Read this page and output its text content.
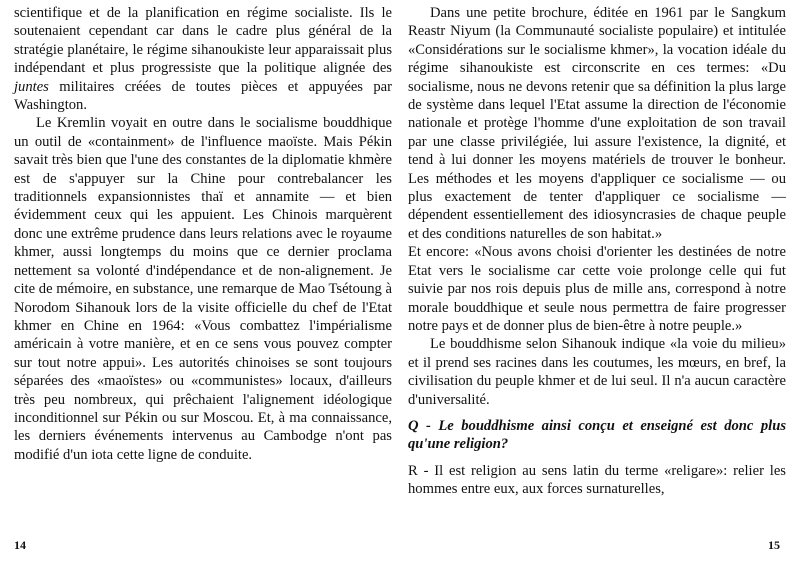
scientifique et de la planification en régime socialiste. Ils le soutenaient cependant car dans le cadre plus général de la stratégie planétaire, le régime sihanoukiste leur apparaissait plus indépendant et plus progressiste que la politique alignée des juntes militaires créées de toutes pièces et appuyées par Washington.

Le Kremlin voyait en outre dans le socialisme bouddhique un outil de «containment» de l'influence maoïste. Mais Pékin savait très bien que l'une des constantes de la diplomatie khmère est de s'appuyer sur la Chine pour contrebalancer les traditionnels expansionnistes thaï et annamite — et bien évidemment ceux qui les appuient. Les Chinois marquèrent donc une extrême prudence dans leurs relations avec le royaume khmer, aussi longtemps du moins que ce dernier proclama nettement sa volonté d'indépendance et de non-alignement. Je cite de mémoire, en substance, une remarque de Mao Tsétoung à Norodom Sihanouk lors de la visite officielle du chef de l'Etat khmer en Chine en 1964: «Vous combattez l'impérialisme américain à votre manière, et en ce sens vous pouvez compter sur tout notre appui». Les autorités chinoises se sont toujours séparées des «maoïstes» ou «communistes» locaux, d'ailleurs très peu nombreux, qui prêchaient l'alignement idéologique inconditionnel sur Pékin ou sur Moscou. Et, à ma connaissance, les derniers événements intervenus au Cambodge n'ont pas modifié d'un iota cette ligne de conduite.

14

Dans une petite brochure, éditée en 1961 par le Sangkum Reastr Niyum (la Communauté socialiste populaire) et intitulée «Considérations sur le socialisme khmer», la vocation idéale du régime sihanoukiste est circonscrite en ces termes: «Du socialisme, nous ne devons retenir que sa définition la plus large de système dans lequel l'Etat assume la direction de l'économie nationale et protège l'homme d'une exploitation de son travail par une classe privilégiée, lui assure l'existence, la dignité, et tend à lui donner les moyens matériels de trouver le bonheur. Les méthodes et les moyens d'appliquer ce socialisme — ou plus exactement de tenter d'appliquer ce socialisme — dépendent essentiellement des idiosyncrasies de chaque peuple et des conditions naturelles de son habitat.»

Et encore: «Nous avons choisi d'orienter les destinées de notre Etat vers le socialisme car cette voie prolonge celle qui fut suivie par nos rois depuis plus de mille ans, correspond à notre morale bouddhique et seule nous permettra de faire progresser notre pays et de donner plus de bien-être à notre peuple.»

Le bouddhisme selon Sihanouk indique «la voie du milieu» et il prend ses racines dans les coutumes, les mœurs, en bref, la civilisation du peuple khmer et de lui seul. Il n'a aucun caractère d'universalité.

Q - Le bouddhisme ainsi conçu et enseigné est donc plus qu'une religion?

R - Il est religion au sens latin du terme «religare»: relier les hommes entre eux, aux forces surnaturelles,

15
